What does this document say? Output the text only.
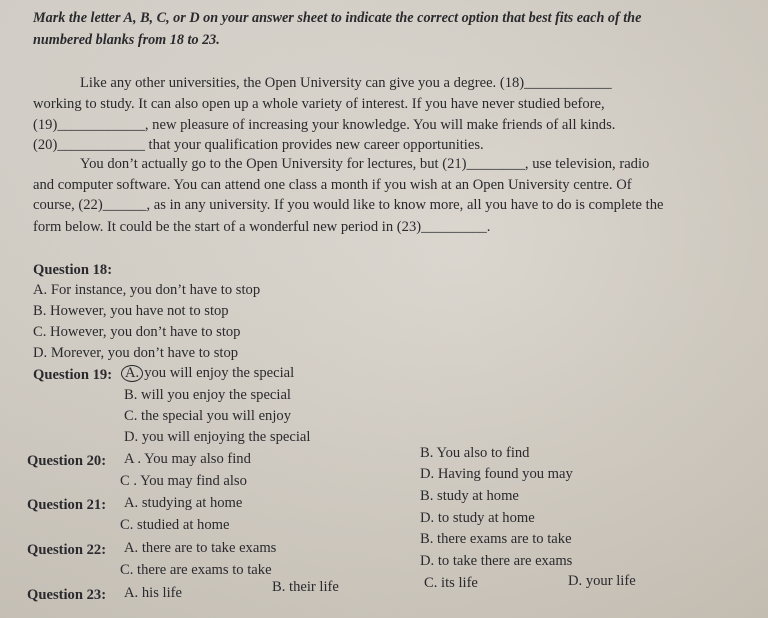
Mark the letter A, B, C, or D on your answer sheet to indicate the correct option that best fits each of the
numbered blanks from 18 to 23.
Like any other universities, the Open University can give you a degree. (18)____________
working to study. It can also open up a whole variety of interest. If you have never studied before,
(19)____________, new pleasure of increasing your knowledge. You will make friends of all kinds.
(20)____________ that your qualification provides new career opportunities.
You don’t actually go to the Open University for lectures, but (21)________, use television, radio
and computer software. You can attend one class a month if you wish at an Open University centre. Of
course, (22)______, as in any university. If you would like to know more, all you have to do is complete the
form below. It could be the start of a wonderful new period in (23)_________.
Question 18:
A. For instance, you don’t have to stop
B. However, you have not to stop
C. However, you don’t have to stop
D. Morever, you don’t have to stop
Question 19: A. you will enjoy the special
B. will you enjoy the special
C. the special you will enjoy
D. you will enjoying the special
Question 20: A . You may also find	B. You also to find
C . You may find also	D. Having found you may
Question 21: A. studying at home	B. study at home
C. studied at home	D. to study at home
Question 22: A. there are to take exams
B. there exams are to take
C. there are exams to take
D. to take there are exams
Question 23: A. his life	B. their life	C. its life	D. your life
